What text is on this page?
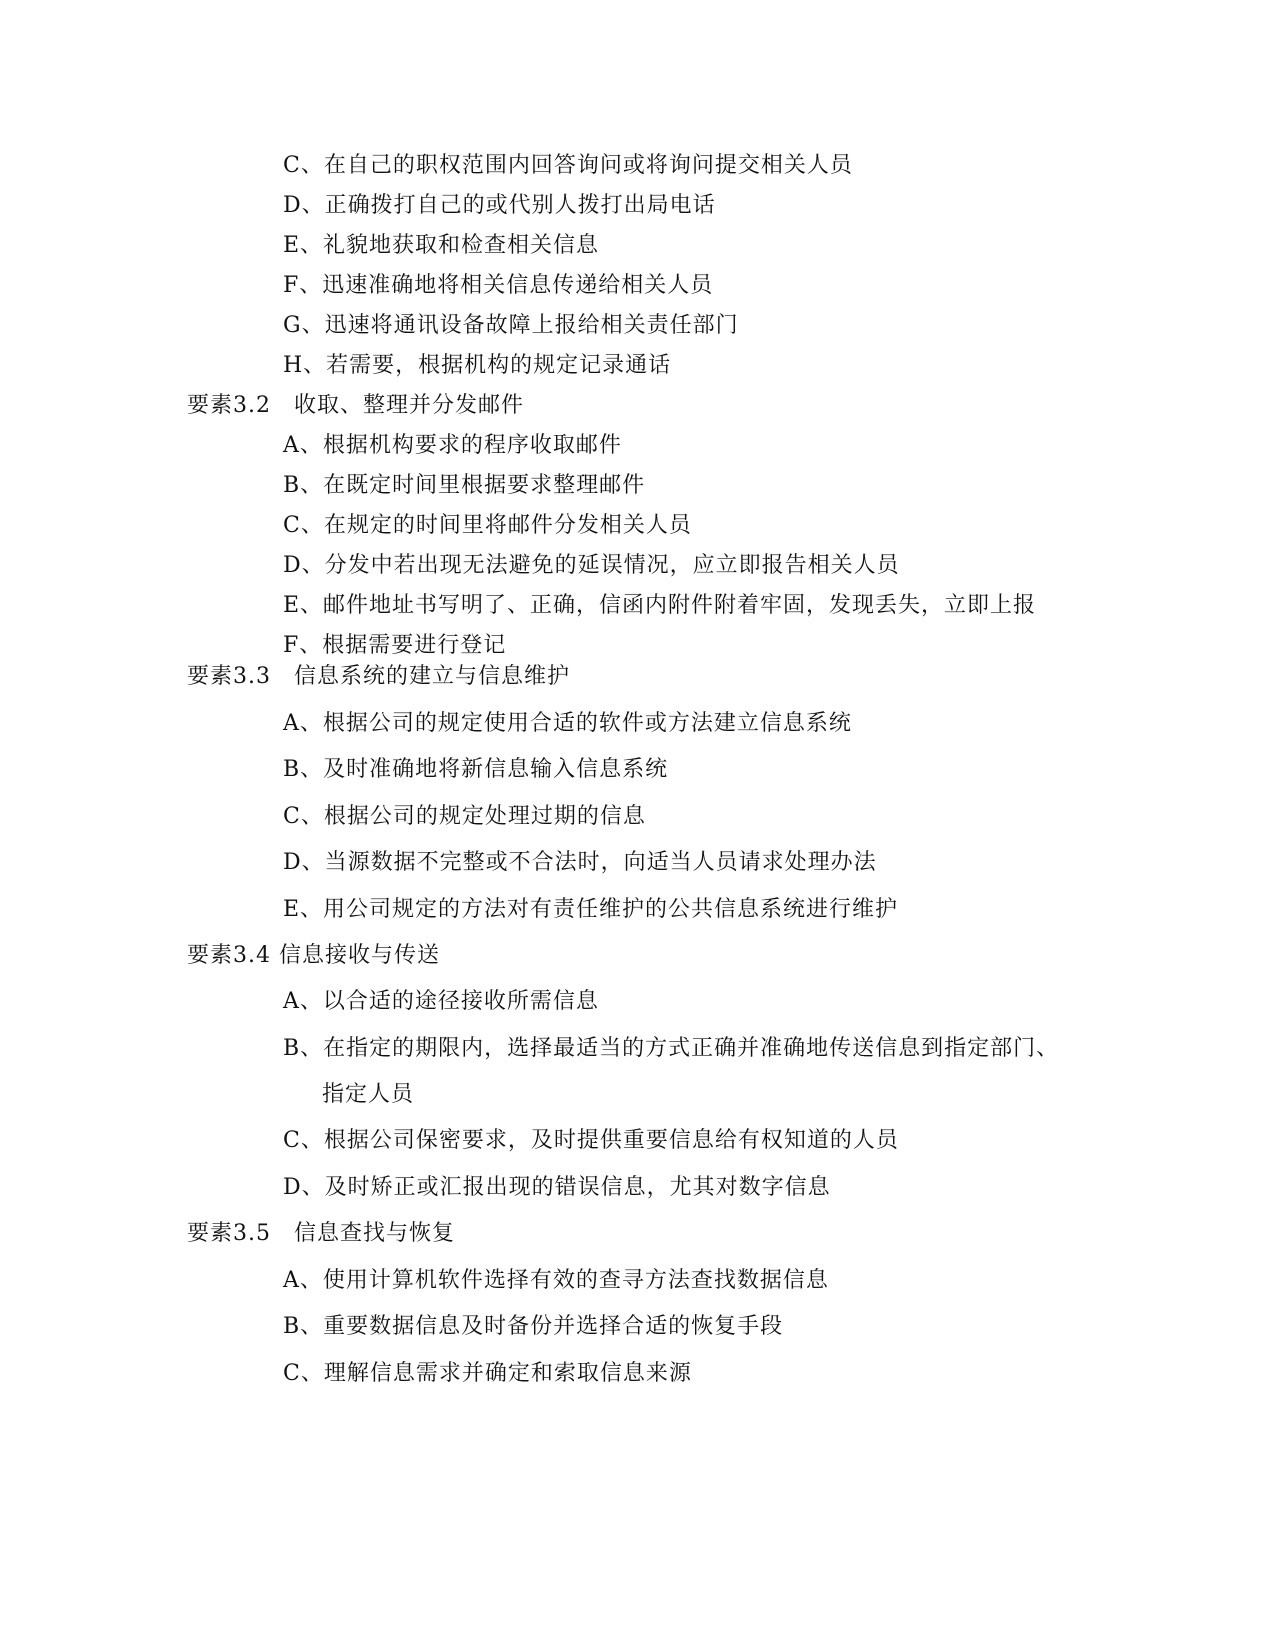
C、在自己的职权范围内回答询问或将询问提交相关人员
D、正确拨打自己的或代别人拨打出局电话
E、礼貌地获取和检查相关信息
F、迅速准确地将相关信息传递给相关人员
G、迅速将通讯设备故障上报给相关责任部门
H、若需要，根据机构的规定记录通话
要素3.2　收取、整理并分发邮件
A、根据机构要求的程序收取邮件
B、在既定时间里根据要求整理邮件
C、在规定的时间里将邮件分发相关人员
D、分发中若出现无法避免的延误情况，应立即报告相关人员
E、邮件地址书写明了、正确，信函内附件附着牢固，发现丢失，立即上报
F、根据需要进行登记
要素3.3　信息系统的建立与信息维护
A、根据公司的规定使用合适的软件或方法建立信息系统
B、及时准确地将新信息输入信息系统
C、根据公司的规定处理过期的信息
D、当源数据不完整或不合法时，向适当人员请求处理办法
E、用公司规定的方法对有责任维护的公共信息系统进行维护
要素3.4 信息接收与传送
A、以合适的途径接收所需信息
B、在指定的期限内，选择最适当的方式正确并准确地传送信息到指定部门、
指定人员
C、根据公司保密要求，及时提供重要信息给有权知道的人员
D、及时矫正或汇报出现的错误信息，尤其对数字信息
要素3.5　信息查找与恢复
A、使用计算机软件选择有效的查寻方法查找数据信息
B、重要数据信息及时备份并选择合适的恢复手段
C、理解信息需求并确定和索取信息来源
